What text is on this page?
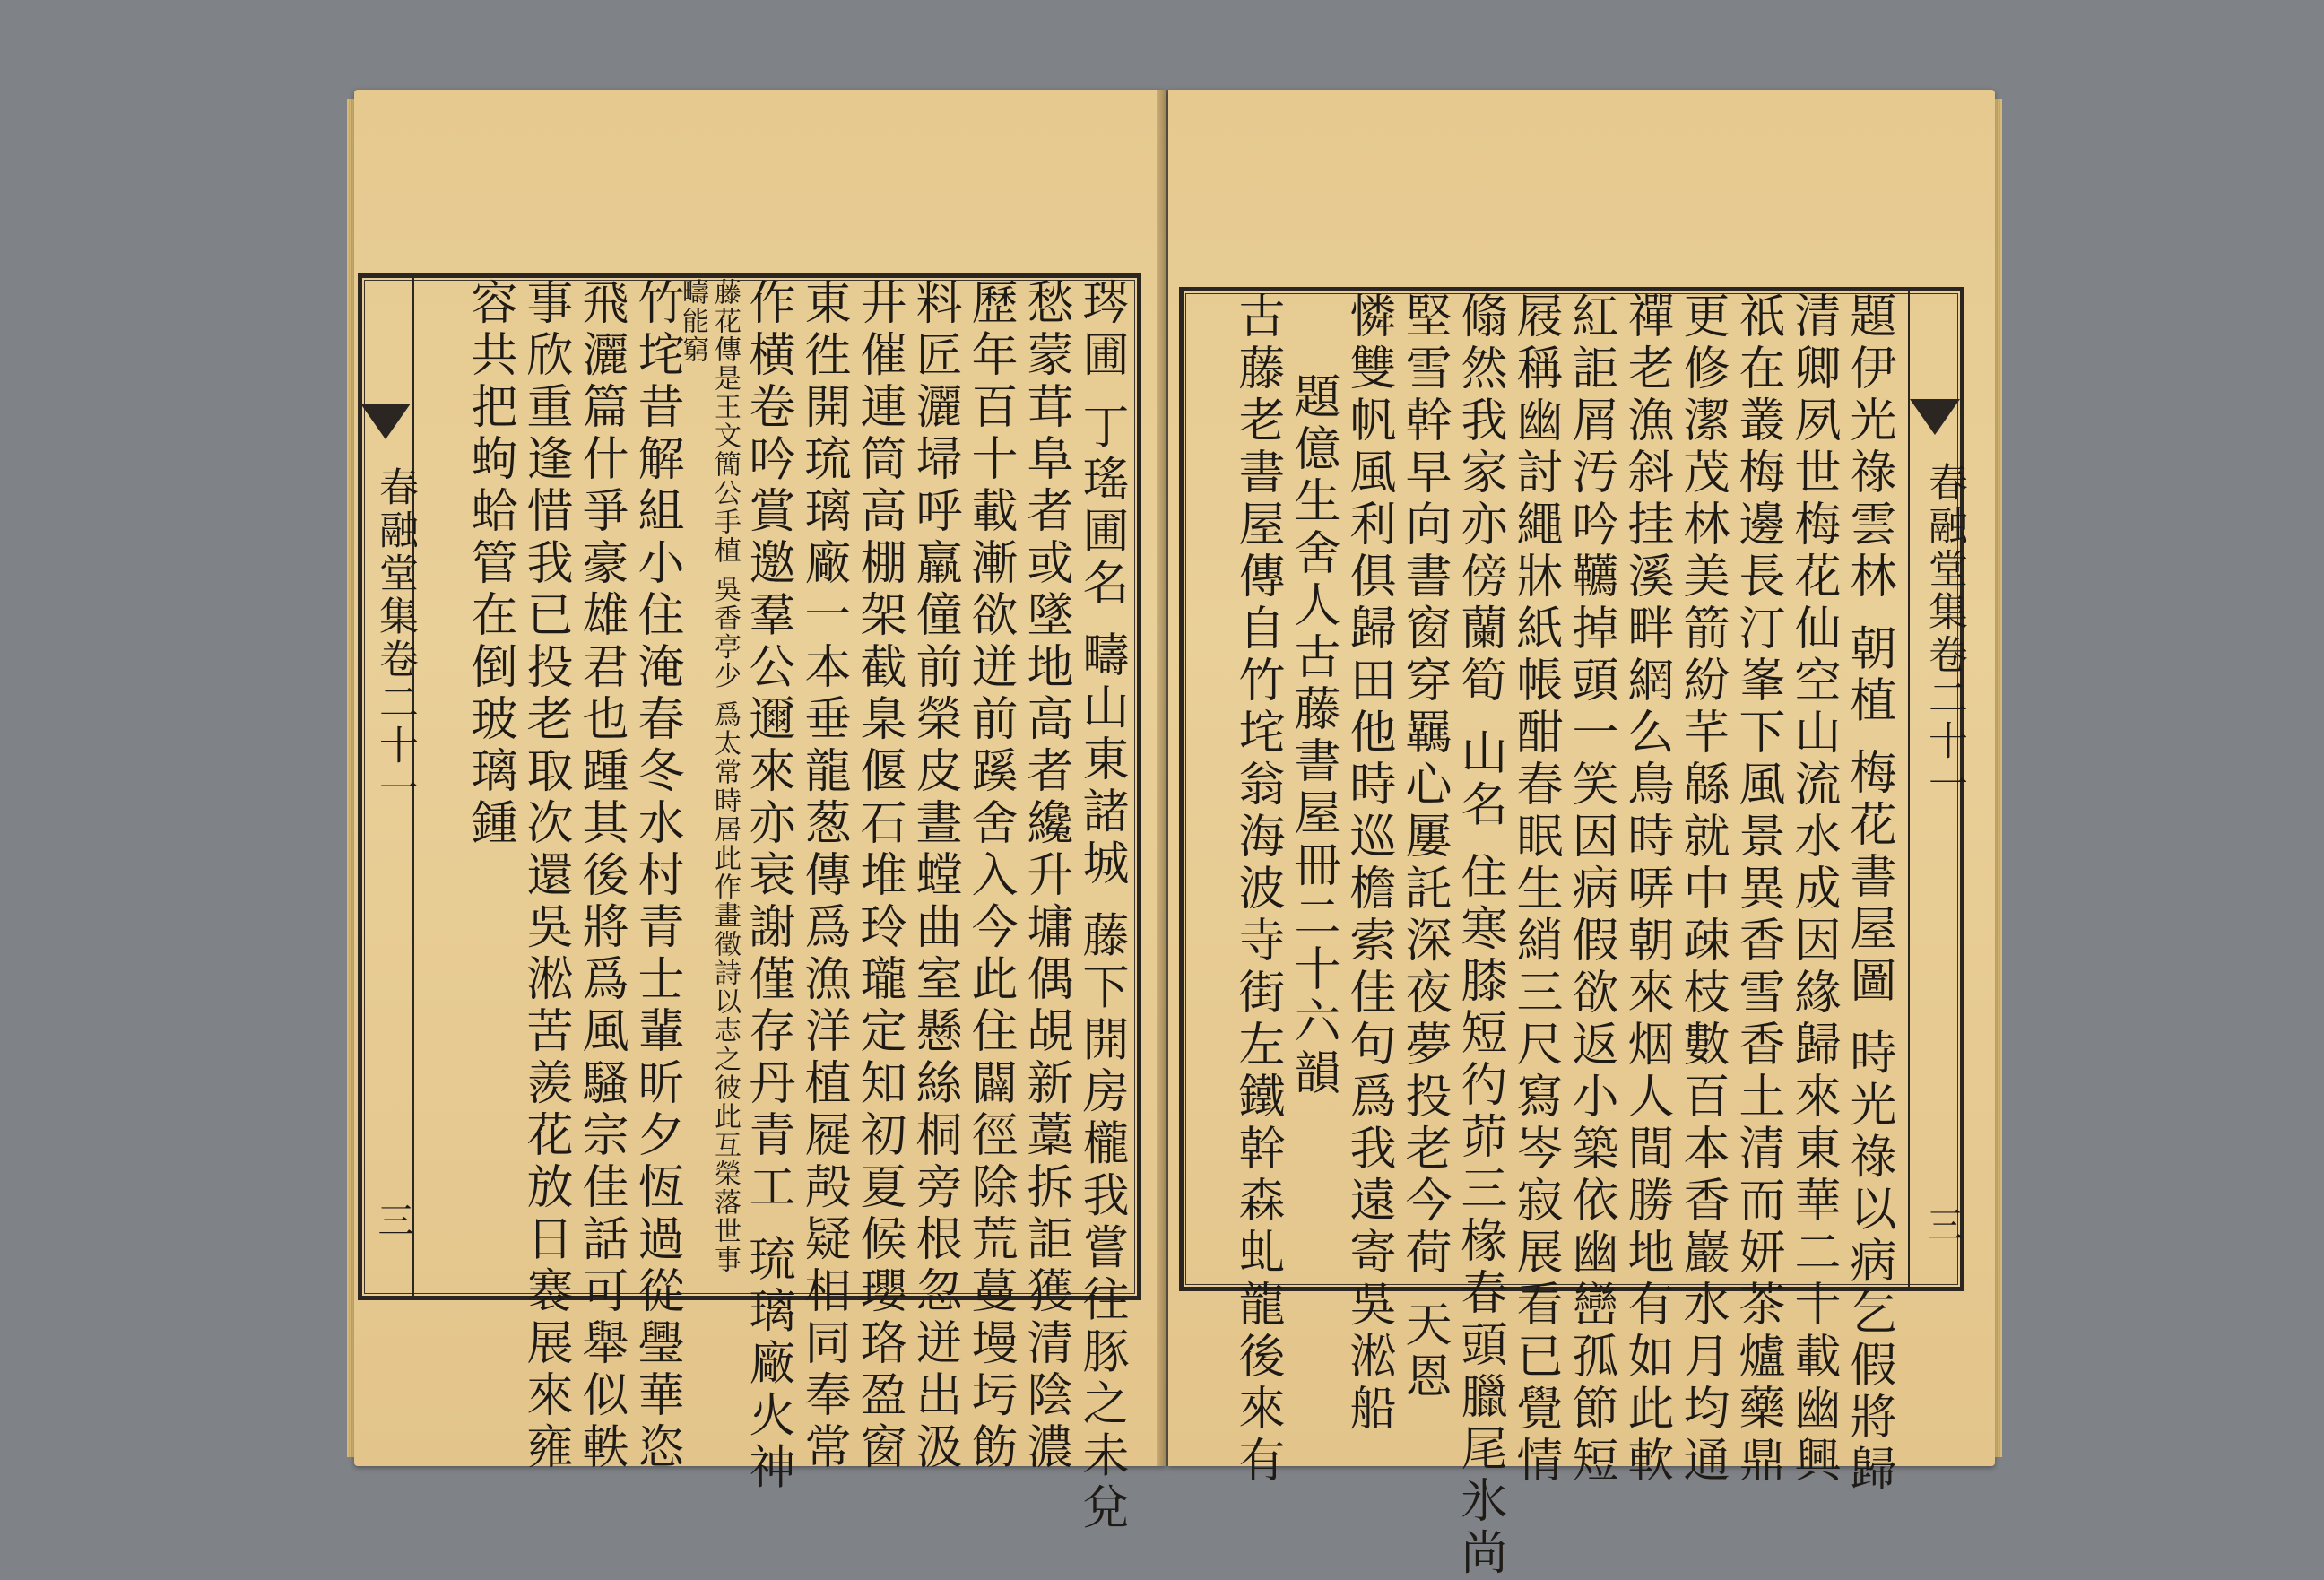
春融堂集卷二十一
三	琌圃 丁瑤圃名 疇山東諸城 藤下開房櫳我嘗往豚之未兌
愁蒙茸阜者或墜地高者纔升墉偶覘新藁拆詎獲清陰濃
歷年百十載漸欲迸前蹊舍入今此住闢徑除荒蔓墁圬飭
料匠灑埽呼羸僮前榮皮晝螳曲室懸絲桐旁根忽迸出汲
井催連筒高棚架截臬偃石堆玲瓏定知初夏候瓔珞盈窗
東徃開琉璃廠一本垂龍葱傳爲漁洋植屣殸疑相同奉常
作横卷吟賞邀羣公邇來亦衰謝僅存丹青工 琉璃廠火神
藤花傳是王文簡公手植 吳香亭少 爲太常時居此作畫徵詩以志之彼此互榮落世事疇能窮
竹垞昔解組小住淹春冬水村青士輩昕夕恆過從璺華恣
飛灑篇什爭豪雄君也踵其後將爲風騷宗佳話可舉似軼
事欣重逢惜我已投老取次還吳淞苦羨花放日褰展來雍
容共把蚼蛤管在倒玻璃鍾	春融堂集卷二十一
三
題伊光祿雲林 朝植 梅花書屋圖 時光祿以病乞假將歸
清卿夙世梅花仙空山流水成因緣歸來東華二十載幽興
祇在叢梅邊長汀峯下風景異香雪香土清而妍茶爐藥鼎
更修潔茂林美箭紛芊緜就中疎枝數百本香巖水月均通
禪老漁斜挂溪畔網么鳥時哢朝來烟人間勝地有如此軟
紅詎屑汚吟韉掉頭一笑因病假欲返小築依幽巒孤節短
屐稱幽討繩牀紙帳酣春眠生綃三尺寫岑寂展看已覺情
翛然我家亦傍蘭筍 山名 住寒膝短彴茆三椽春頭臘尾氷尚
堅雪幹早向書窗穿羈心屢託深夜夢投老今荷 天恩
憐雙帆風利俱歸田他時巡檐索佳句爲我遠寄吳淞船
題億生舍人古藤書屋冊二十六韻
古藤老書屋傳自竹垞翁海波寺街左鐵幹森虬龍後來有
